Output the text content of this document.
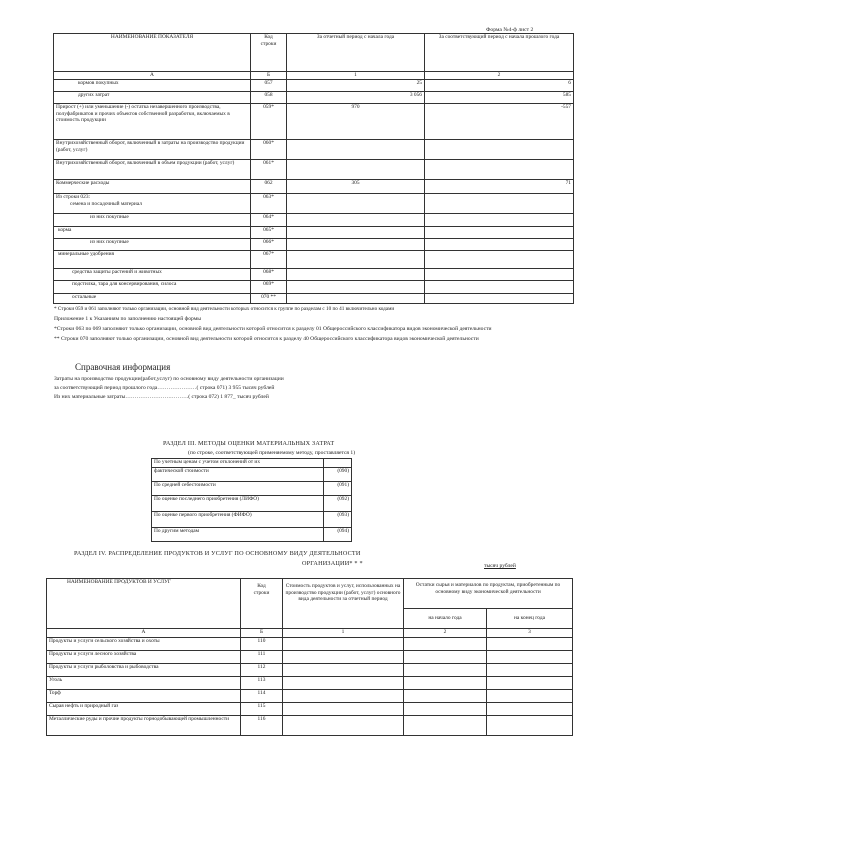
Форма №4-ф лист 2
НАИМЕНОВАНИЕ ПОКАЗАТЕЛЯ	Код строки	За отчетный период с начала года	За соответствующий период с начала прошлого года
А	Б	1	2
кормов покупных	057	25	6
других затрат	058	3 056	585
Прирост (+) или уменьшение (-) остатка незавершенного производства, полуфабрикатов и прочих объектов собственной разработки, включаемых в стоимость продукции	059*	970	-557
Внутрихозяйственный оборот, включенный в затраты на производство продукции (работ, услуг)	060*		
Внутрихозяйственный оборот, включенный в объем продукции (работ, услуг)	061*		
Коммерческие расходы	062	305	71

Из строки 023:
семена и посадочный материал	063*		
из них покупные	064*		
корма	065*		
из них покупные	066*		
минеральные удобрения	067*		
средства защиты растений и животных	068*		
подстилка, тара для консервирования, силоса	069*		
остальные	070 **		
* Строки 059 и 061 заполняют только организации, основной вид деятельности которых относится к группе по разделам с 10 по 41 включительно кодами
Приложение 1 к Указаниям по заполнению настоящей формы
*Строки 063 по 069 заполняют только организации, основной вид деятельности которой относится к разделу 01 Общероссийского классификатора видов экономической деятельности
** Строки 070 заполняют только организации, основной вид деятельности которой относится к разделу 40 Общероссийского классификатора видов экономической деятельности
Справочная информация
Затраты на производство продукции(работ,услуг) по основному виду деятельности организации
за соответствующий период прошлого года…………………( строка 071) 3 955 тысяч рублей
Из них материальные затраты…………………………….( строка 072) 1 877_ тысяч рублей
РАЗДЕЛ III. МЕТОДЫ ОЦЕНКИ МАТЕРИАЛЬНЫХ ЗАТРАТ
(по строке, соответствующей применяемому методу, проставляется 1)
По учетным ценам с учетом отклонений от их	
фактической стоимости	(090)
По средней себестоимости	(091)
По оценке последнего приобретения (ЛИФО)	(092)
По оценке первого приобретения (ФИФО)	(093)
По другим методам	(094)
РАЗДЕЛ IV. РАСПРЕДЕЛЕНИЕ ПРОДУКТОВ И УСЛУГ ПО ОСНОВНОМУ ВИДУ ДЕЯТЕЛЬНОСТИ
ОРГАНИЗАЦИИ* * *	тысяч рублей
НАИМЕНОВАНИЕ ПРОДУКТОВ И УСЛУГ	Код строки	Стоимость продуктов и услуг, использованных на производство продукции (работ, услуг) основного вида деятельности за отчетный период	Остатки сырья и материалов по продуктам, приобретенным по основному виду экономической деятельности	
			на начало года	на конец года
А	Б	1	2	3
Продукты и услуги сельского хозяйства и охоты	110			
Продукты и услуги лесного хозяйства	111			
Продукты и услуги рыболовства и рыбоводства	112			
Уголь	113			
Торф	114			
Сырая нефть и природный газ	115			
Металлические руды и прочие продукты горнодобывающей промышленности	116			
